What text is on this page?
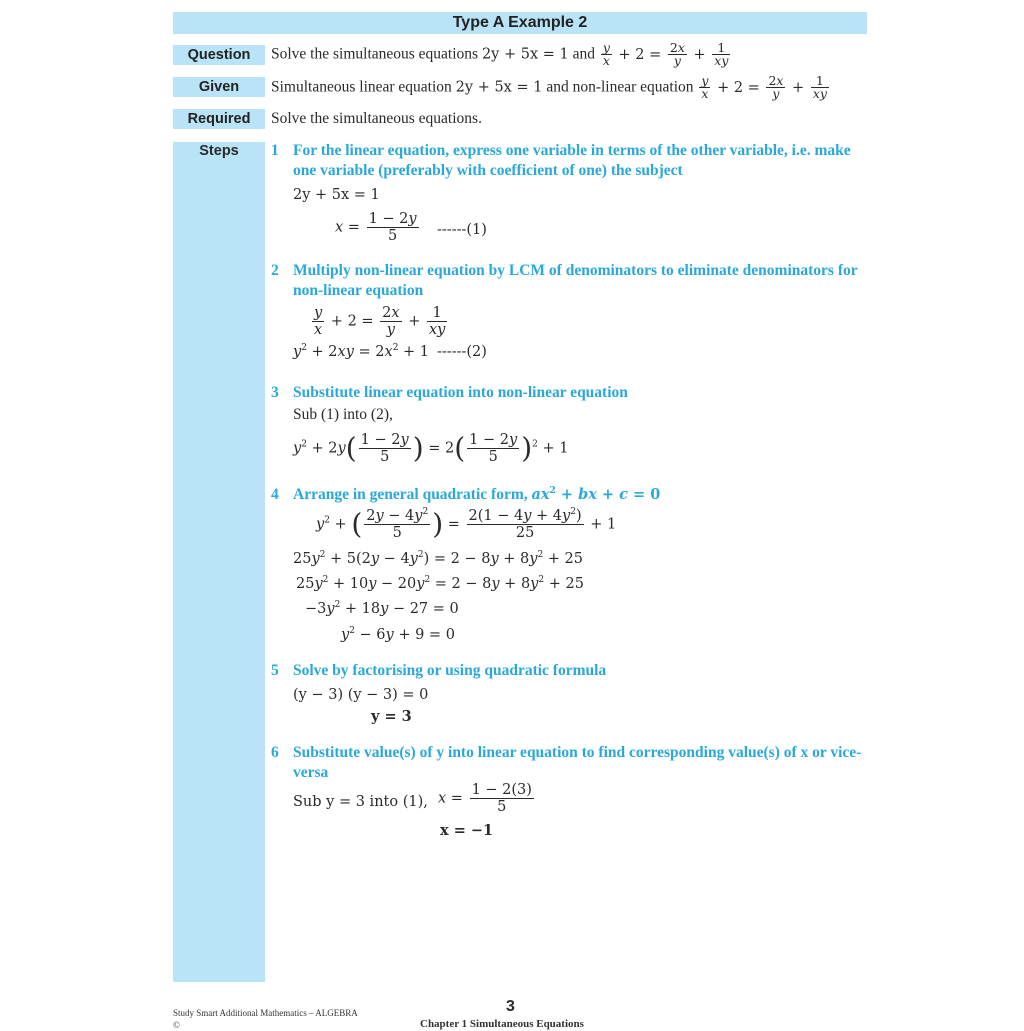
Type A Example 2
Question
Given
Required
Steps
Solve the simultaneous equations 2y + 5x = 1 and $\frac{y}{x} + 2 = \frac{2x}{y} + \frac{1}{xy}$
Simultaneous linear equation 2y + 5x = 1 and non-linear equation $\frac{y}{x} + 2 = \frac{2x}{y} + \frac{1}{xy}$
Solve the simultaneous equations.
1 For the linear equation, express one variable in terms of the other variable, i.e. make one variable (preferably with coefficient of one) the subject
2y + 5x = 1
$x = \frac{1 - 2y}{5} ------(1)$
2 Multiply non-linear equation by LCM of denominators to eliminate denominators for non-linear equation
$\frac{y}{x} + 2 = \frac{2x}{y} + \frac{1}{xy}$
$y^2 + 2xy = 2x^2 + 1$ ------(2)
3 Substitute linear equation into non-linear equation
Sub (1) into (2),
$y^2 + 2y( \frac{1 - 2y}{5}$ ) = $2( \frac{1 - 2y}{5} )^2 + 1$
4 Arrange in general quadratic form, $ax^2$ + bx + c = 0
$y^2$ + ( $\frac{2y - 4y^2}{5}$ ) = $\frac{2(1 - 4y + 4y^2)}{25} + 1$
$25y^2 + 5(2y - 4y^2) = 2 - 8y + 8y^2 + 25$
$25y^2 + 10y - 20y^2 = 2 - 8y + 8y^2 + 25$
$-3y^2 + 18y - 27 = 0$
$y^2 - 6y + 9 = 0$
5 Solve by factorising or using quadratic formula
(y − 3) (y − 3) = 0
y = 3
6 Substitute value(s) of y into linear equation to find corresponding value(s) of x or vice-versa
Sub y = 3 into (1), $x = \frac{1 - 2(3)}{5}$
x = −1
Study Smart Additional Mathematics – ALGEBRA
©
3
Chapter 1 Simultaneous Equations
